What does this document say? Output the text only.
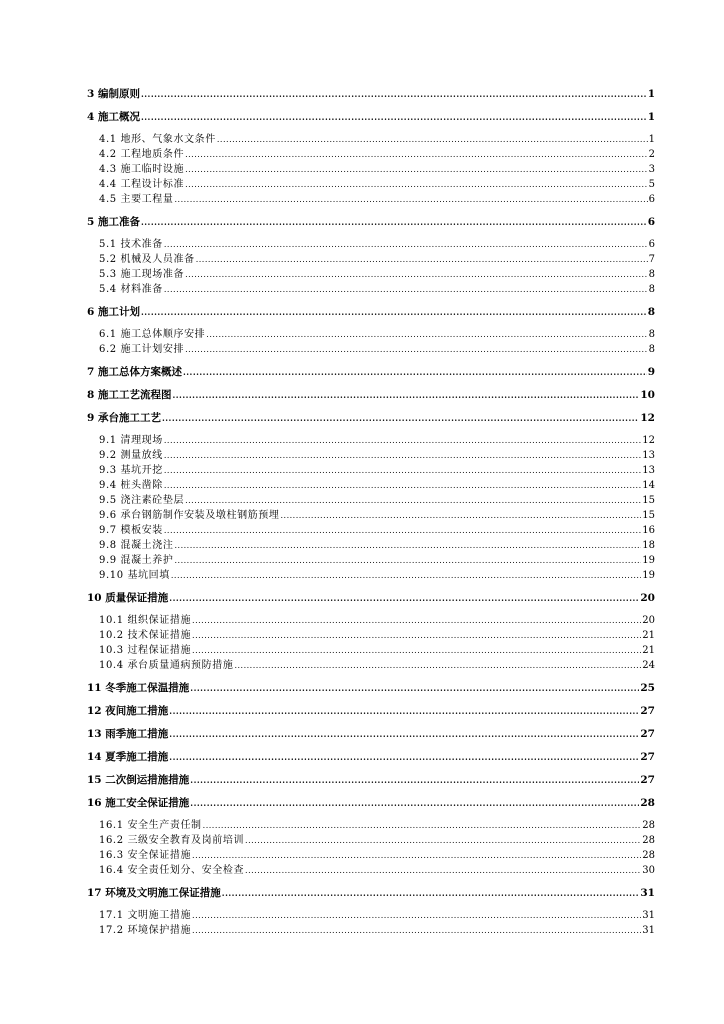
3 编制原则 .....	1
4 施工概况 .....	1
4.1 地形、气象水文条件 .....	1
4.2 工程地质条件 .....	2
4.3 施工临时设施 .....	3
4.4 工程设计标准 .....	5
4.5 主要工程量 .....	6
5 施工准备 .....	6
5.1 技术准备 .....	6
5.2 机械及人员准备 .....	7
5.3 施工现场准备 .....	8
5.4 材料准备 .....	8
6 施工计划 .....	8
6.1 施工总体顺序安排 .....	8
6.2 施工计划安排 .....	8
7 施工总体方案概述 .....	9
8 施工工艺流程图 .....	10
9 承台施工工艺 .....	12
9.1 清理现场 .....	12
9.2 测量放线 .....	13
9.3 基坑开挖 .....	13
9.4 桩头凿除 .....	14
9.5 浇注素砼垫层 .....	15
9.6 承台钢筋制作安装及墩柱钢筋预埋 .....	15
9.7 模板安装 .....	16
9.8 混凝土浇注 .....	18
9.9 混凝土养护 .....	19
9.10 基坑回填 .....	19
10 质量保证措施 .....	20
10.1 组织保证措施 .....	20
10.2 技术保证措施 .....	21
10.3 过程保证措施 .....	21
10.4 承台质量通病预防措施 .....	24
11 冬季施工保温措施 .....	25
12 夜间施工措施 .....	27
13 雨季施工措施 .....	27
14 夏季施工措施 .....	27
15 二次倒运措施措施 .....	27
16 施工安全保证措施 .....	28
16.1 安全生产责任制 .....	28
16.2 三级安全教育及岗前培训 .....	28
16.3 安全保证措施 .....	28
16.4 安全责任划分、安全检查 .....	30
17 环境及文明施工保证措施 .....	31
17.1 文明施工措施 .....	31
17.2 环境保护措施 .....	31
